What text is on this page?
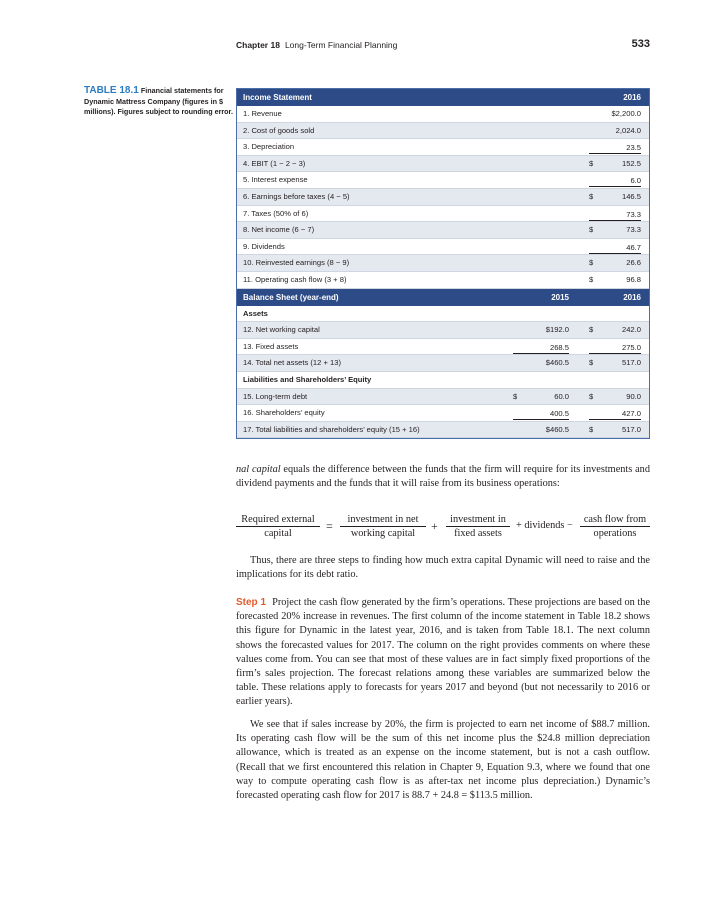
Chapter 18 Long-Term Financial Planning	533
TABLE 18.1 Financial statements for Dynamic Mattress Company (figures in $ millions). Figures subject to rounding error.
Income Statement	2016
1. Revenue	$2,200.0
2. Cost of goods sold	2,024.0
3. Depreciation	23.5
4. EBIT (1 − 2 − 3)	$	152.5
5. Interest expense	6.0
6. Earnings before taxes (4 − 5)	$	146.5
7. Taxes (50% of 6)	73.3
8. Net income (6 − 7)	$	73.3
9. Dividends	46.7
10. Reinvested earnings (8 − 9)	$	26.6
11. Operating cash flow (3 + 8)	$	96.8
Balance Sheet (year-end)	2015	2016
Assets
12. Net working capital	$192.0	$	242.0
13. Fixed assets	268.5	275.0
14. Total net assets (12 + 13)	$460.5	$	517.0
Liabilities and Shareholders’ Equity
15. Long-term debt	$	60.0	$	90.0
16. Shareholders’ equity	400.5	427.0
17. Total liabilities and shareholders’ equity (15 + 16)	$460.5	$	517.0
nal capital equals the difference between the funds that the firm will require for its investments and dividend payments and the funds that it will raise from its business operations:
Required external
capital
=	investment in net
working capital
+	investment in
fixed assets
+ dividends −
cash flow from
operations
Thus, there are three steps to finding how much extra capital Dynamic will need to raise and the implications for its debt ratio.
Step 1 Project the cash flow generated by the firm’s operations. These projections are based on the forecasted 20% increase in revenues. The first column of the income statement in Table 18.2 shows this figure for Dynamic in the latest year, 2016, and is taken from Table 18.1. The next column shows the forecasted values for 2017. The column on the right provides comments on where these values come from. You can see that most of these values are in fact simply fixed proportions of the firm’s sales projection. The forecast relations among these variables are summarized below the table. These relations apply to forecasts for years 2017 and beyond (but not necessarily to 2016 or earlier years).
We see that if sales increase by 20%, the firm is projected to earn net income of $88.7 million. Its operating cash flow will be the sum of this net income plus the $24.8 million depreciation allowance, which is treated as an expense on the income statement, but is not a cash outflow. (Recall that we first encountered this relation in Chapter 9, Equation 9.3, where we found that one way to compute operating cash flow is as after-tax net income plus depreciation.) Dynamic’s forecasted operating cash flow for 2017 is 88.7 + 24.8 = $113.5 million.
